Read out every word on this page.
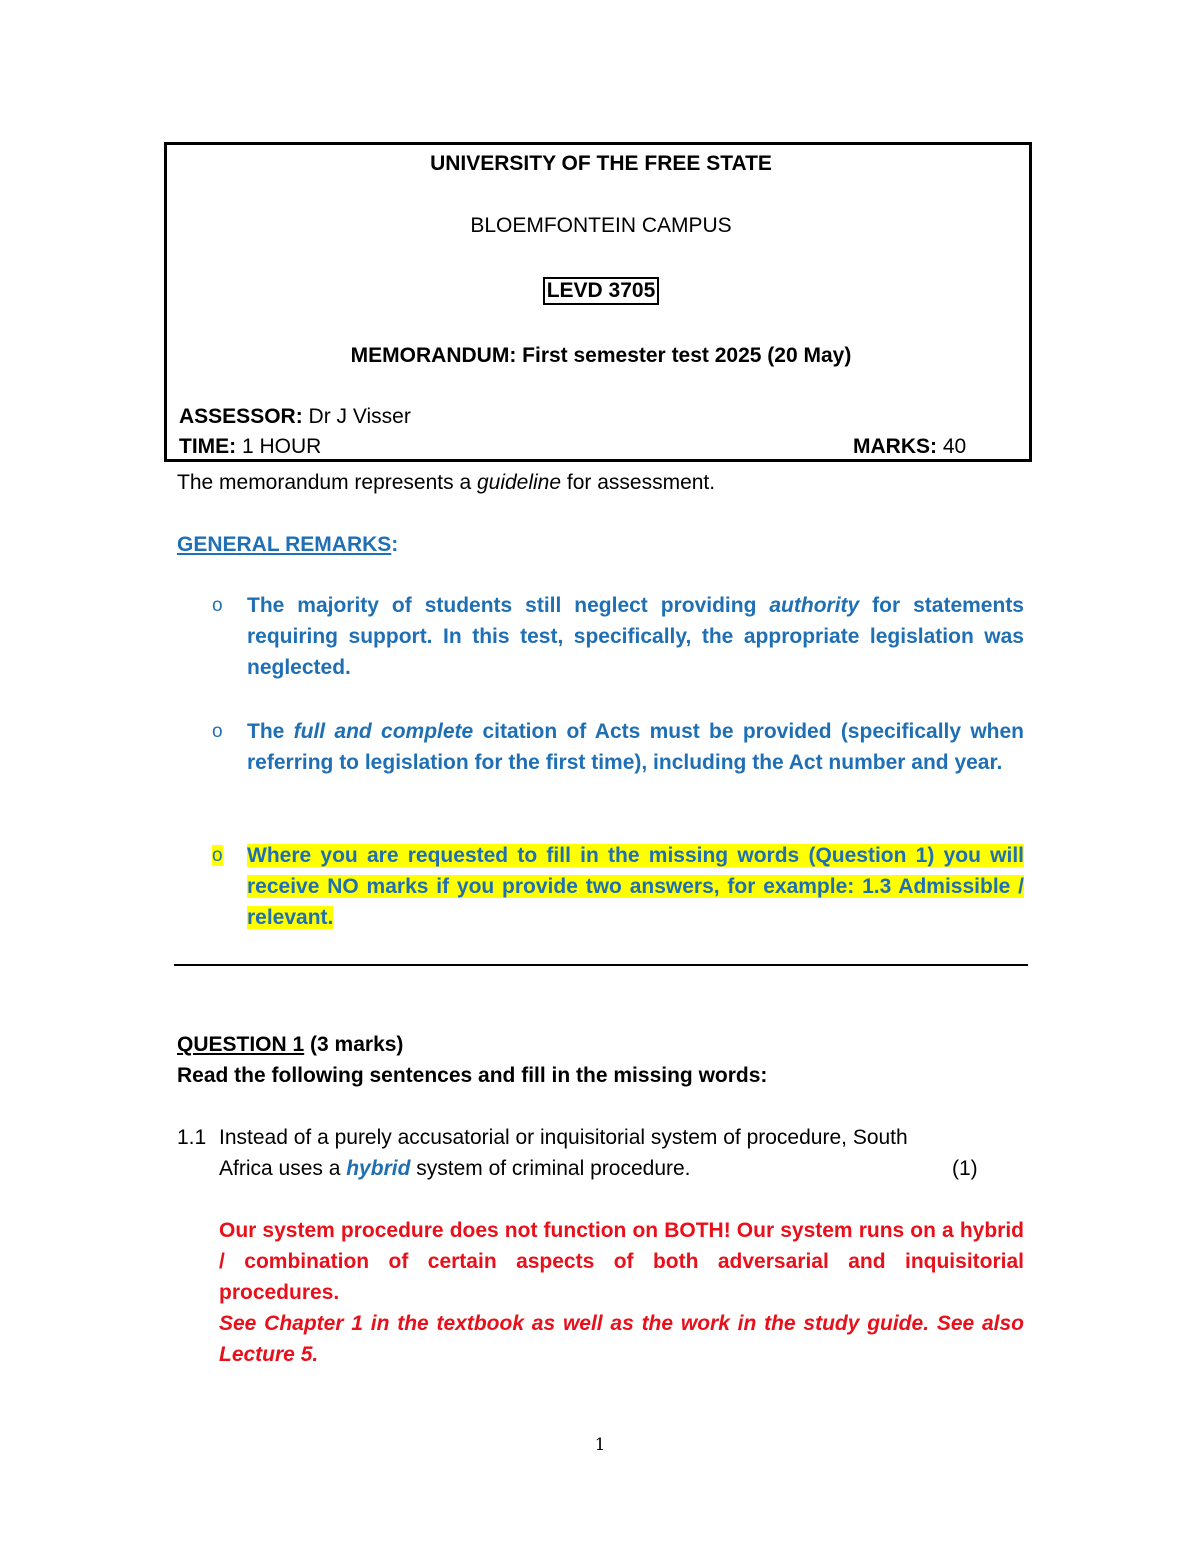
UNIVERSITY OF THE FREE STATE
BLOEMFONTEIN CAMPUS
LEVD 3705
MEMORANDUM: First semester test 2025 (20 May)
ASSESSOR: Dr J Visser
TIME: 1 HOUR	MARKS: 40
The memorandum represents a guideline for assessment.
GENERAL REMARKS:
o The majority of students still neglect providing authority for statements requiring support. In this test, specifically, the appropriate legislation was neglected.
o The full and complete citation of Acts must be provided (specifically when referring to legislation for the first time), including the Act number and year.
o Where you are requested to fill in the missing words (Question 1) you will receive NO marks if you provide two answers, for example: 1.3 Admissible / relevant.
QUESTION 1 (3 marks)
Read the following sentences and fill in the missing words:
1.1 Instead of a purely accusatorial or inquisitorial system of procedure, South
Africa uses a hybrid system of criminal procedure.	(1)
Our system procedure does not function on BOTH! Our system runs on a hybrid / combination of certain aspects of both adversarial and inquisitorial procedures.
See Chapter 1 in the textbook as well as the work in the study guide. See also Lecture 5.
1
